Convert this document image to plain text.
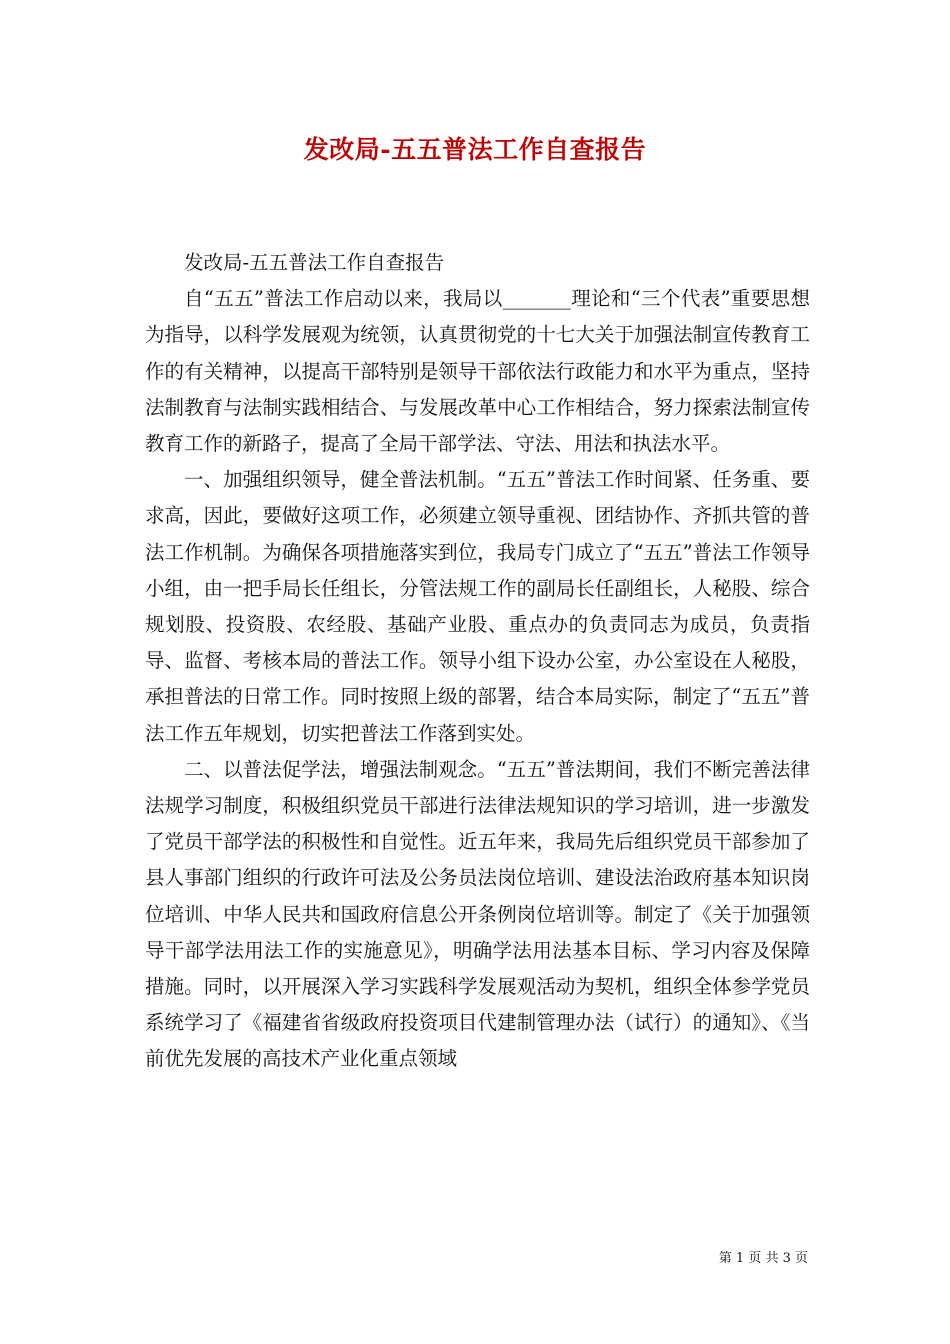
发改局-五五普法工作自查报告

发改局-五五普法工作自查报告

自“五五”普法工作启动以来，我局以_______理论和“三个代表”重要思想为指导，以科学发展观为统领，认真贯彻党的十七大关于加强法制宣传教育工作的有关精神，以提高干部特别是领导干部依法行政能力和水平为重点，坚持法制教育与法制实践相结合、与发展改革中心工作相结合，努力探索法制宣传教育工作的新路子，提高了全局干部学法、守法、用法和执法水平。

一、加强组织领导，健全普法机制。“五五”普法工作时间紧、任务重、要求高，因此，要做好这项工作，必须建立领导重视、团结协作、齐抓共管的普法工作机制。为确保各项措施落实到位，我局专门成立了“五五”普法工作领导小组，由一把手局长任组长，分管法规工作的副局长任副组长，人秘股、综合规划股、投资股、农经股、基础产业股、重点办的负责同志为成员，负责指导、监督、考核本局的普法工作。领导小组下设办公室，办公室设在人秘股，承担普法的日常工作。同时按照上级的部署，结合本局实际，制定了“五五”普法工作五年规划，切实把普法工作落到实处。

二、以普法促学法，增强法制观念。“五五”普法期间，我们不断完善法律法规学习制度，积极组织党员干部进行法律法规知识的学习培训，进一步激发了党员干部学法的积极性和自觉性。近五年来，我局先后组织党员干部参加了县人事部门组织的行政许可法及公务员法岗位培训、建设法治政府基本知识岗位培训、中华人民共和国政府信息公开条例岗位培训等。制定了《关于加强领导干部学法用法工作的实施意见》，明确学法用法基本目标、学习内容及保障措施。同时，以开展深入学习实践科学发展观活动为契机，组织全体参学党员系统学习了《福建省省级政府投资项目代建制管理办法（试行）的通知》、《当前优先发展的高技术产业化重点领域

第 1 页 共 3 页
